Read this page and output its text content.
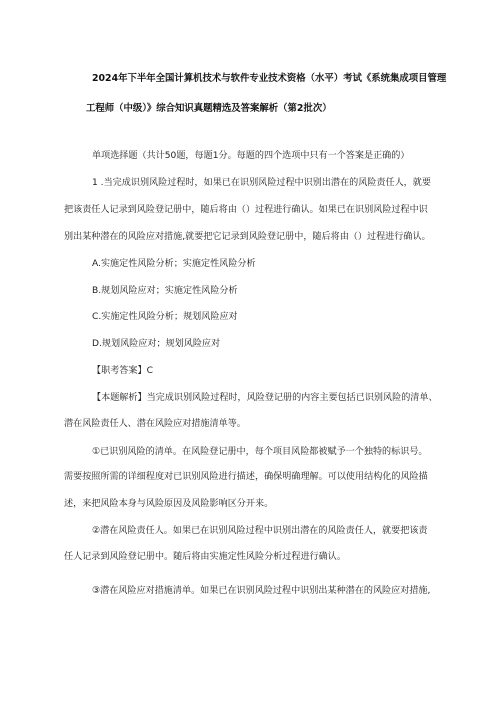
2024年下半年全国计算机技术与软件专业技术资格（水平）考试《系统集成项目管理
工程师（中级）》综合知识真题精选及答案解析（第2批次）
单项选择题（共计50题，每题1分。每题的四个选项中只有一个答案是正确的）
1 .当完成识别风险过程时，如果已在识别风险过程中识别出潜在的风险责任人，就要
把该责任人记录到风险登记册中，随后将由（）过程进行确认。如果已在识别风险过程中识
别出某种潜在的风险应对措施,就要把它记录到风险登记册中，随后将由（）过程进行确认。
A.实施定性风险分析；实施定性风险分析
B.规划风险应对；实施定性风险分析
C.实施定性风险分析；规划风险应对
D.规划风险应对；规划风险应对
【职考答案】C
【本题解析】当完成识别风险过程时，风险登记册的内容主要包括已识别风险的清单、
潜在风险责任人、潜在风险应对措施清单等。
①已识别风险的清单。在风险登记册中，每个项目风险都被赋予一个独特的标识号。
需要按照所需的详细程度对已识别风险进行描述，确保明确理解。可以使用结构化的风险描
述，来把风险本身与风险原因及风险影响区分开来。
②潜在风险责任人。如果已在识别风险过程中识别出潜在的风险责任人，就要把该责
任人记录到风险登记册中。随后将由实施定性风险分析过程进行确认。
③潜在风险应对措施清单。如果已在识别风险过程中识别出某种潜在的风险应对措施,
